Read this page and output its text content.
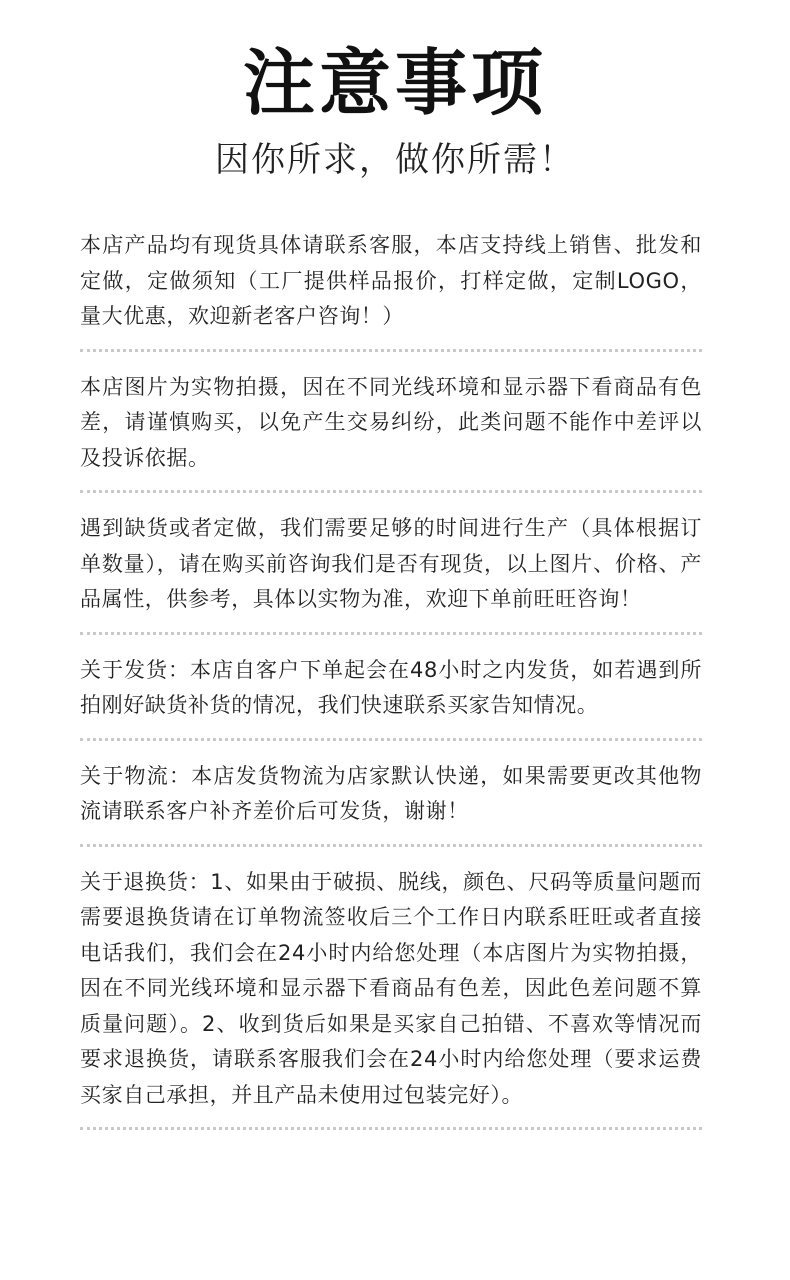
注意事项
因你所求，做你所需！
本店产品均有现货具体请联系客服，本店支持线上销售、批发和定做，定做须知（工厂提供样品报价，打样定做，定制LOGO，量大优惠，欢迎新老客户咨询！）
本店图片为实物拍摄，因在不同光线环境和显示器下看商品有色差，请谨慎购买，以免产生交易纠纷，此类问题不能作中差评以及投诉依据。
遇到缺货或者定做，我们需要足够的时间进行生产（具体根据订单数量），请在购买前咨询我们是否有现货，以上图片、价格、产品属性，供参考，具体以实物为准，欢迎下单前旺旺咨询！
关于发货：本店自客户下单起会在48小时之内发货，如若遇到所拍刚好缺货补货的情况，我们快速联系买家告知情况。
关于物流：本店发货物流为店家默认快递，如果需要更改其他物流请联系客户补齐差价后可发货，谢谢！
关于退换货：1、如果由于破损、脱线，颜色、尺码等质量问题而需要退换货请在订单物流签收后三个工作日内联系旺旺或者直接电话我们，我们会在24小时内给您处理（本店图片为实物拍摄，因在不同光线环境和显示器下看商品有色差，因此色差问题不算质量问题）。2、收到货后如果是买家自己拍错、不喜欢等情况而要求退换货，请联系客服我们会在24小时内给您处理（要求运费买家自己承担，并且产品未使用过包装完好）。
